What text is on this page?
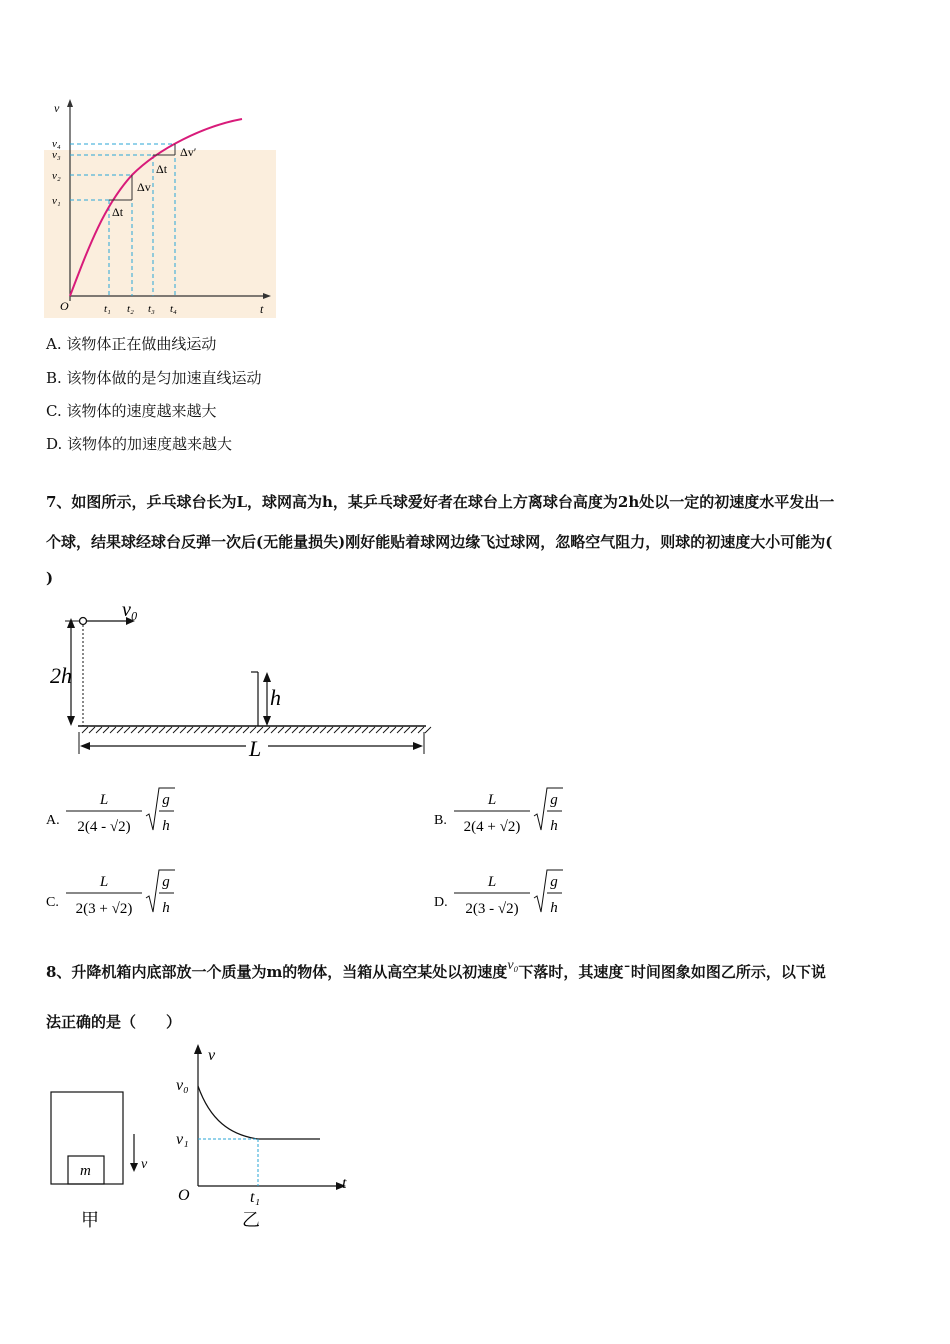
v
t
O
v₁
v₂
v₃
v₄
t₁ t₂ t₃ t₄
Δv
Δt
Δv′
Δt
A. 该物体正在做曲线运动
B. 该物体做的是匀加速直线运动
C. 该物体的速度越来越大
D. 该物体的加速度越来越大
7、如图所示，乒乓球台长为L，球网高为h，某乒乓球爱好者在球台上方离球台高度为2h处以一定的初速度水平发出一
个球，结果球经球台反弹一次后(无能量损失)刚好能贴着球网边缘飞过球网，忽略空气阻力，则球的初速度大小可能为(
)
v₀
2h
h
L
A.
L
2(4 - √2)
g
h	B.
L
2(4 + √2)
g
h
C.
L
2(3 + √2)
g
h	D.
L
2(3 - √2)
g
h
8、升降机箱内底部放一个质量为m的物体，当箱从高空某处以初速度v₀下落时，其速度ˉ时间图象如图乙所示，以下说
法正确的是（　　）
m	v
甲
v
t
O
v₀
v₁
t₁
乙
